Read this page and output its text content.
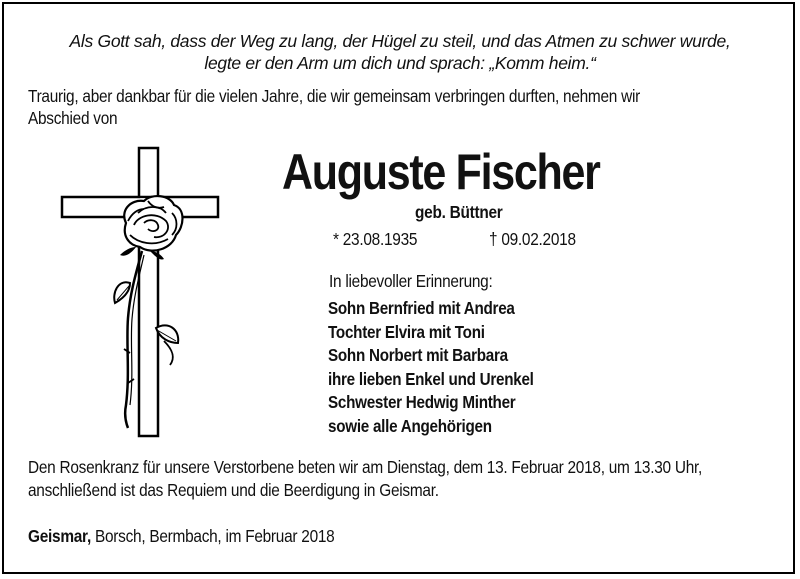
Als Gott sah, dass der Weg zu lang, der Hügel zu steil, und das Atmen zu schwer wurde,
legte er den Arm um dich und sprach: „Komm heim.“
Traurig, aber dankbar für die vielen Jahre, die wir gemeinsam verbringen durften, nehmen wir
Abschied von
Auguste Fischer
geb. Büttner
* 23.08.1935	† 09.02.2018
In liebevoller Erinnerung:
Sohn Bernfried mit Andrea
Tochter Elvira mit Toni
Sohn Norbert mit Barbara
ihre lieben Enkel und Urenkel
Schwester Hedwig Minther
sowie alle Angehörigen
Den Rosenkranz für unsere Verstorbene beten wir am Dienstag, dem 13. Februar 2018, um 13.30 Uhr,
anschließend ist das Requiem und die Beerdigung in Geismar.
Geismar, Borsch, Bermbach, im Februar 2018
